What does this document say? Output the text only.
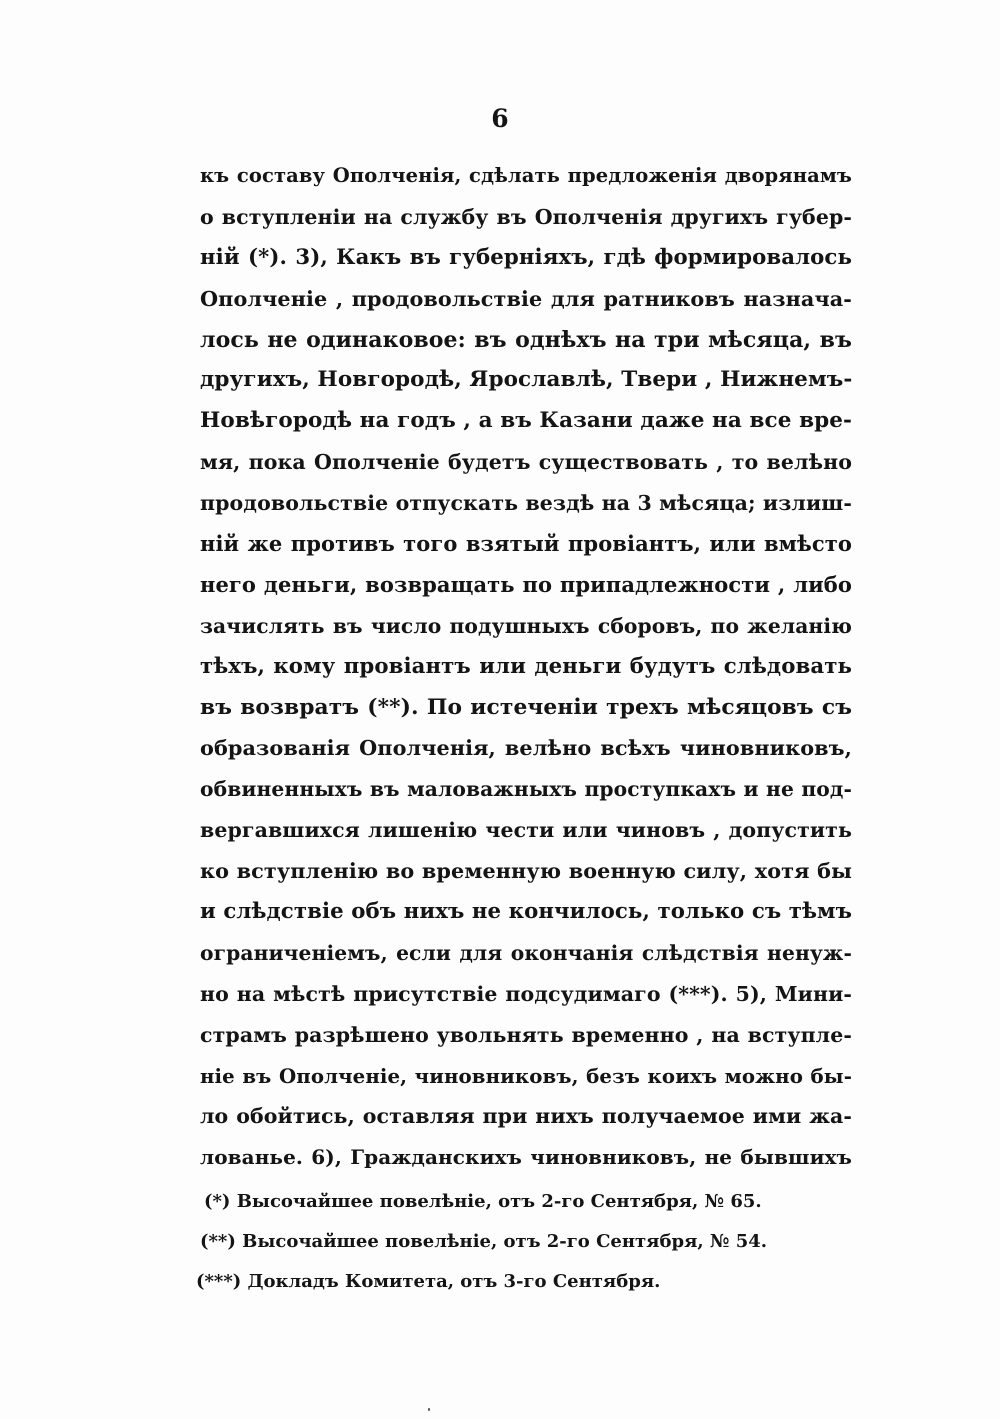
6
къ составу Ополченія, сдѣлать предложенія дворянамъ
о вступленіи на службу въ Ополченія другихъ губер-
ній (*). 3), Какъ въ губерніяхъ, гдѣ формировалось
Ополченіе , продовольствіе для ратниковъ назнача-
лось не одинаковое: въ однѣхъ на три мѣсяца, въ
другихъ, Новгородѣ, Ярославлѣ, Твери , Нижнемъ-
Новѣгородѣ на годъ , а въ Казани даже на все вре-
мя, пока Ополченіе будетъ существовать , то велѣно
продовольствіе отпускать вездѣ на 3 мѣсяца; излиш-
ній же противъ того взятый провіантъ, или вмѣсто
него деньги, возвращать по припадлежности , либо
зачислять въ число подушныхъ сборовъ, по желанію
тѣхъ, кому провіантъ или деньги будутъ слѣдовать
въ возвратъ (**). По истеченіи трехъ мѣсяцовъ съ
образованія Ополченія, велѣно всѣхъ чиновниковъ,
обвиненныхъ въ маловажныхъ проступкахъ и не под-
вергавшихся лишенію чести или чиновъ , допустить
ко вступленію во временную военную силу, хотя бы
и слѣдствіе объ нихъ не кончилось, только съ тѣмъ
ограниченіемъ, если для окончанія слѣдствія ненуж-
но на мѣстѣ присутствіе подсудимаго (***). 5), Мини-
страмъ разрѣшено увольнять временно , на вступле-
ніе въ Ополченіе, чиновниковъ, безъ коихъ можно бы-
ло обойтись, оставляя при нихъ получаемое ими жа-
лованье. 6), Гражданскихъ чиновниковъ, не бывшихъ
(*) Высочайшее повелѣніе, отъ 2-го Сентября, № 65.
(**) Высочайшее повелѣніе, отъ 2-го Сентября, № 54.
(***) Докладъ Комитета, отъ 3-го Сентября.
